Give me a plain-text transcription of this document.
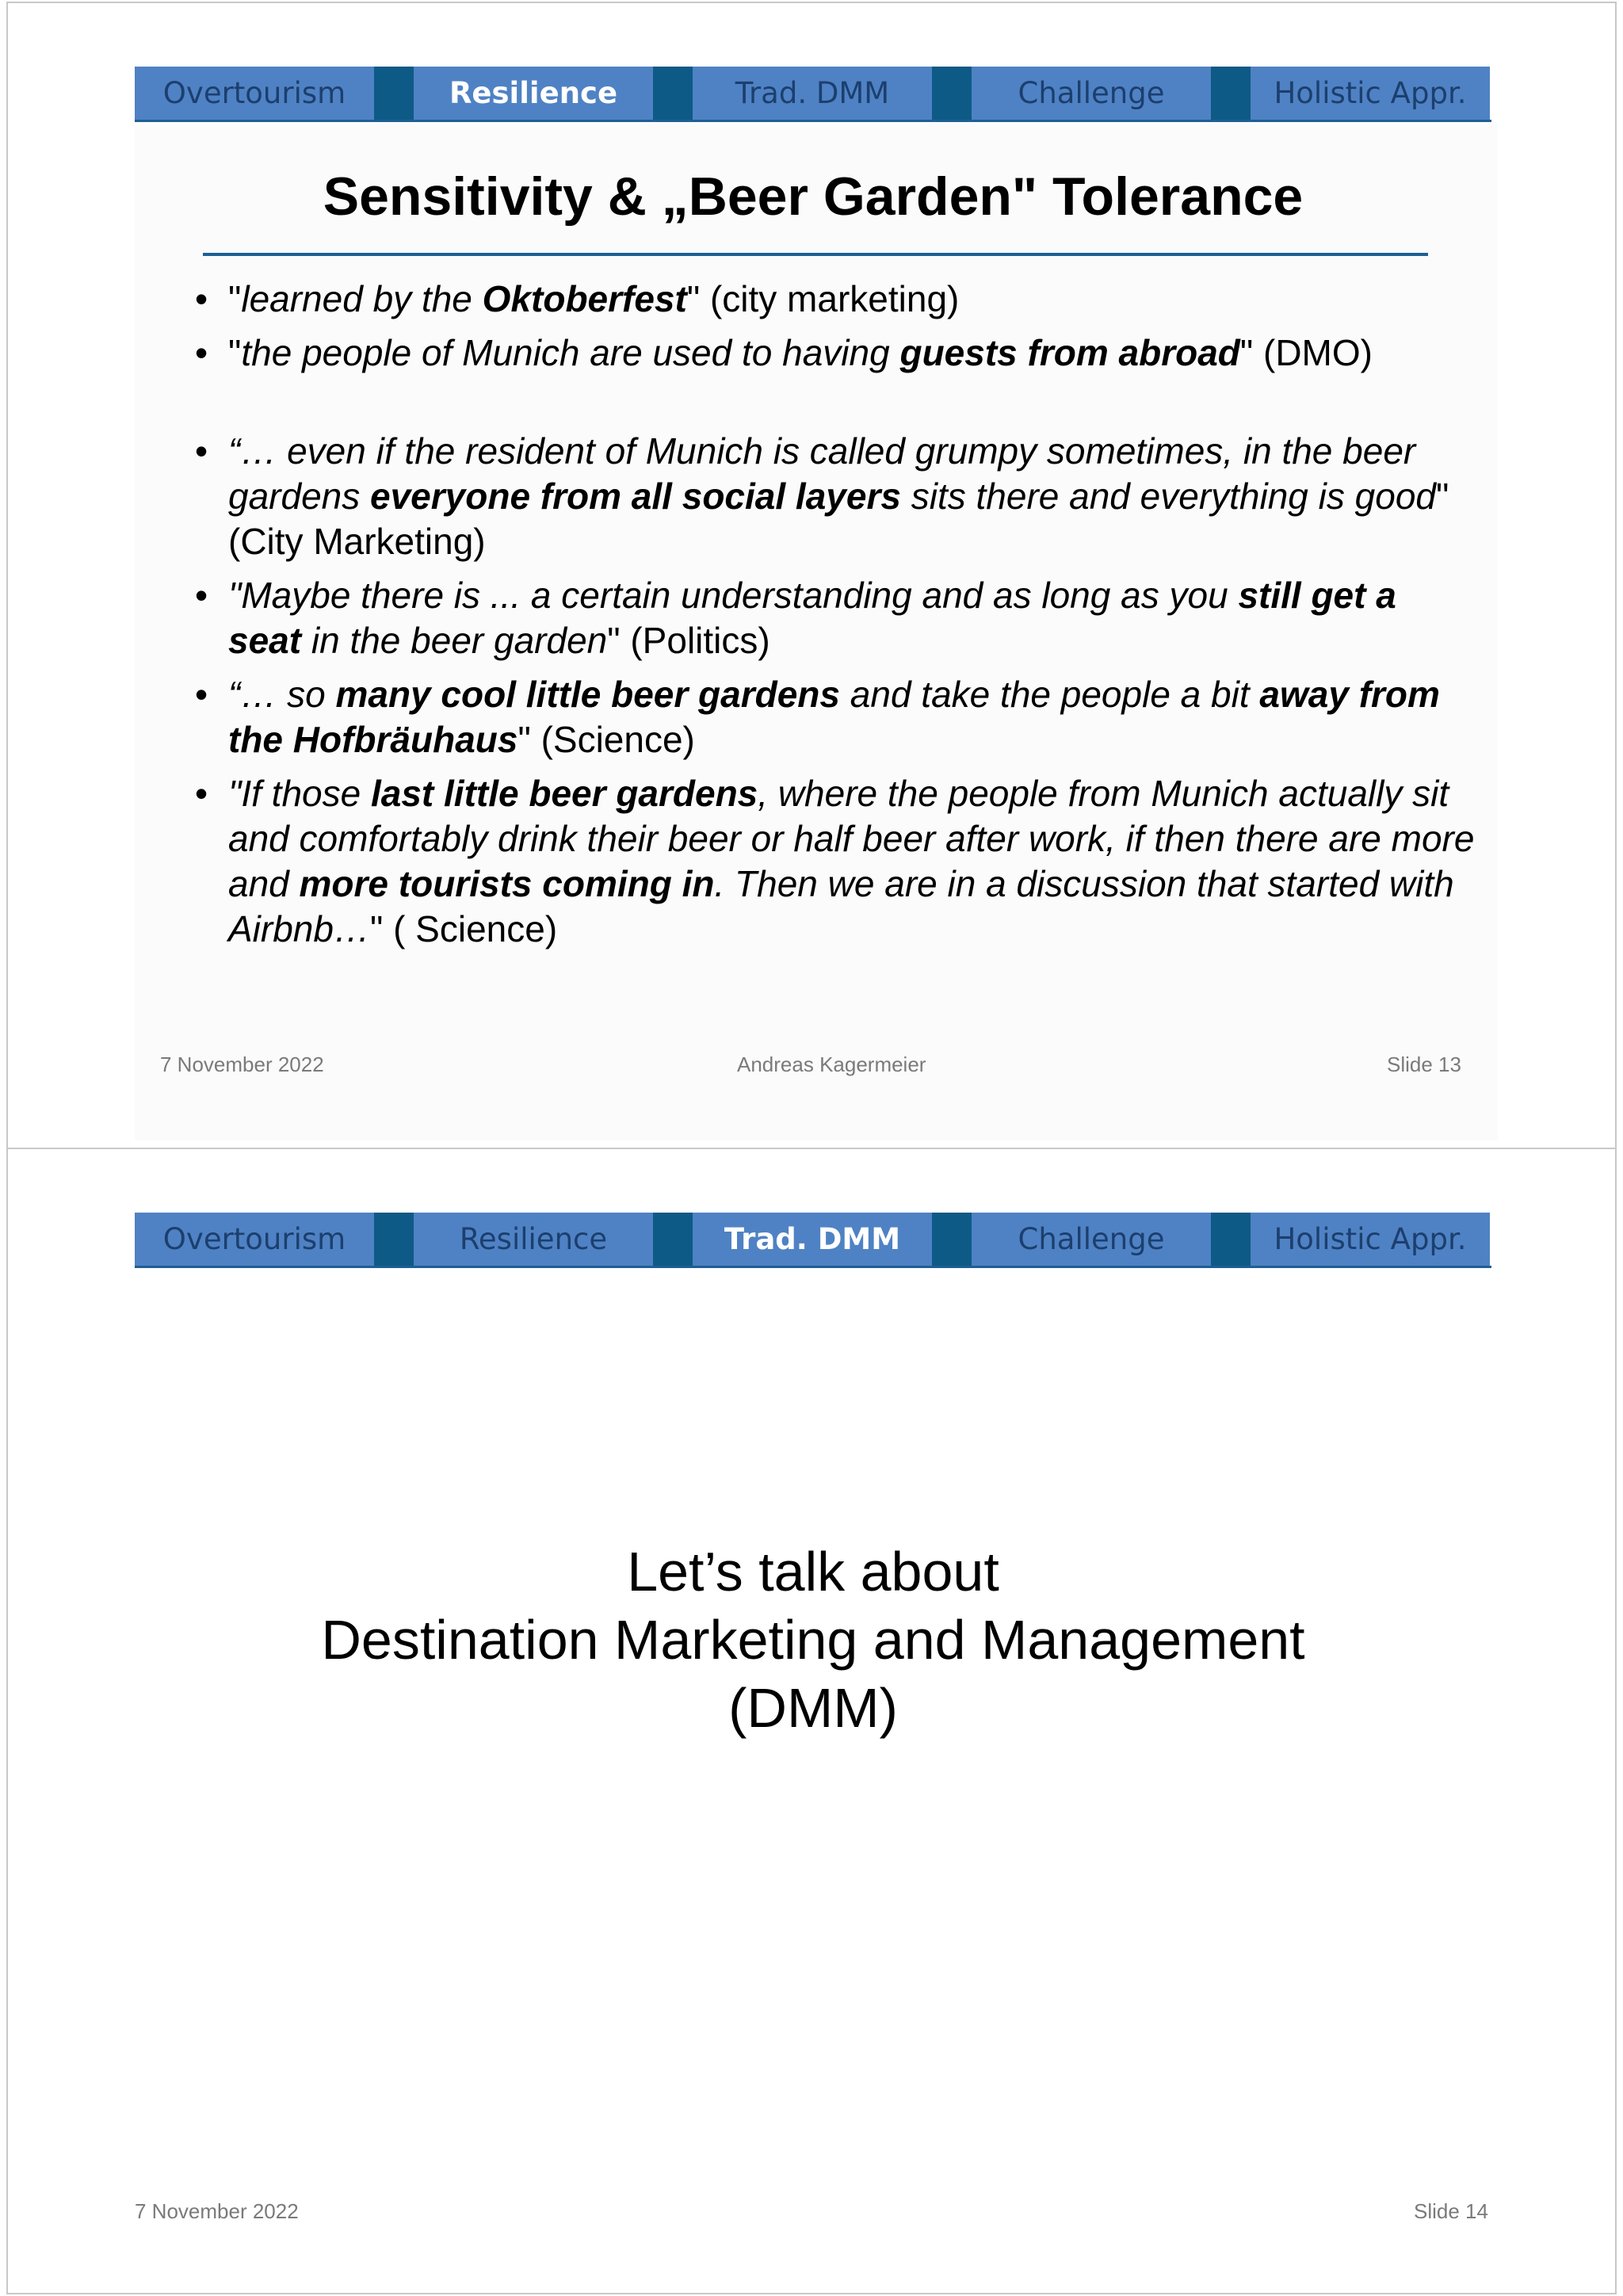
Overtourism	Resilience	Trad. DMM	Challenge	Holistic Appr.
Sensitivity & „Beer Garden" Tolerance
• "learned by the Oktoberfest" (city marketing)
• "the people of Munich are used to having guests from abroad" (DMO)
• “… even if the resident of Munich is called grumpy sometimes, in the beer gardens everyone from all social layers sits there and everything is good" (City Marketing)
• "Maybe there is ... a certain understanding and as long as you still get a seat in the beer garden" (Politics)
• “… so many cool little beer gardens and take the people a bit away from the Hofbräuhaus" (Science)
• "If those last little beer gardens, where the people from Munich actually sit and comfortably drink their beer or half beer after work, if then there are more and more tourists coming in. Then we are in a discussion that started with Airbnb…" ( Science)
7 November 2022	Andreas Kagermeier	Slide 13
Overtourism	Resilience	Trad. DMM	Challenge	Holistic Appr.
Let’s talk about
Destination Marketing and Management
(DMM)
7 November 2022	Slide 14
